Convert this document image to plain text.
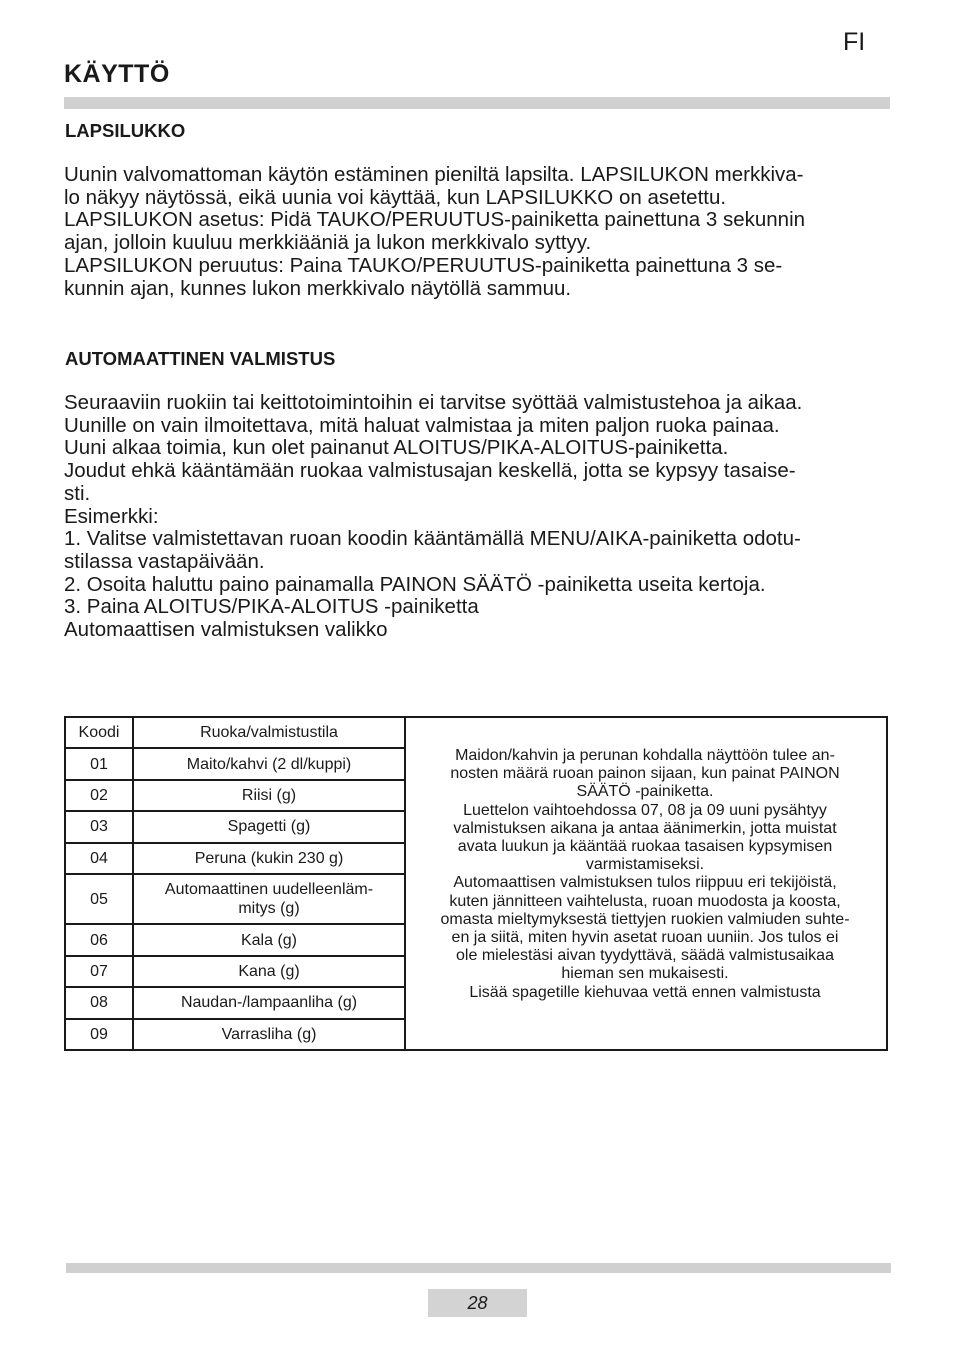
FI
KÄYTTÖ
LAPSILUKKO
Uunin valvomattoman käytön estäminen pieniltä lapsilta. LAPSILUKON merkkiva-
lo näkyy näytössä, eikä uunia voi käyttää, kun LAPSILUKKO on asetettu.
LAPSILUKON asetus: Pidä TAUKO/PERUUTUS-painiketta painettuna 3 sekunnin
ajan, jolloin kuuluu merkkiääniä ja lukon merkkivalo syttyy.
LAPSILUKON peruutus: Paina TAUKO/PERUUTUS-painiketta painettuna 3 se-
kunnin ajan, kunnes lukon merkkivalo näytöllä sammuu.
AUTOMAATTINEN VALMISTUS
Seuraaviin ruokiin tai keittotoimintoihin ei tarvitse syöttää valmistustehoa ja aikaa.
Uunille on vain ilmoitettava, mitä haluat valmistaa ja miten paljon ruoka painaa.
Uuni alkaa toimia, kun olet painanut ALOITUS/PIKA-ALOITUS-painiketta.
Joudut ehkä kääntämään ruokaa valmistusajan keskellä, jotta se kypsyy tasaise-
sti.
Esimerkki:
1. Valitse valmistettavan ruoan koodin kääntämällä MENU/AIKA-painiketta odotu-
stilassa vastapäivään.
2. Osoita haluttu paino painamalla PAINON SÄÄTÖ -painiketta useita kertoja.
3. Paina ALOITUS/PIKA-ALOITUS -painiketta
Automaattisen valmistuksen valikko
Koodi	Ruoka/valmistustila
01	Maito/kahvi (2 dl/kuppi)
02	Riisi (g)
03	Spagetti (g)
04	Peruna (kukin 230 g)
05	Automaattinen uudelleenläm-
mitys (g)

06	Kala (g)
07	Kana (g)
08	Naudan-/lampaanliha (g)
09	Varrasliha (g)
Maidon/kahvin ja perunan kohdalla näyttöön tulee an-
nosten määrä ruoan painon sijaan, kun painat PAINON
SÄÄTÖ -painiketta.
Luettelon vaihtoehdossa 07, 08 ja 09 uuni pysähtyy
valmistuksen aikana ja antaa äänimerkin, jotta muistat
avata luukun ja kääntää ruokaa tasaisen kypsymisen
varmistamiseksi.
Automaattisen valmistuksen tulos riippuu eri tekijöistä,
kuten jännitteen vaihtelusta, ruoan muodosta ja koosta,
omasta mieltymyksestä tiettyjen ruokien valmiuden suhte-
en ja siitä, miten hyvin asetat ruoan uuniin. Jos tulos ei
ole mielestäsi aivan tyydyttävä, säädä valmistusaikaa
hieman sen mukaisesti.
Lisää spagetille kiehuvaa vettä ennen valmistusta
28
